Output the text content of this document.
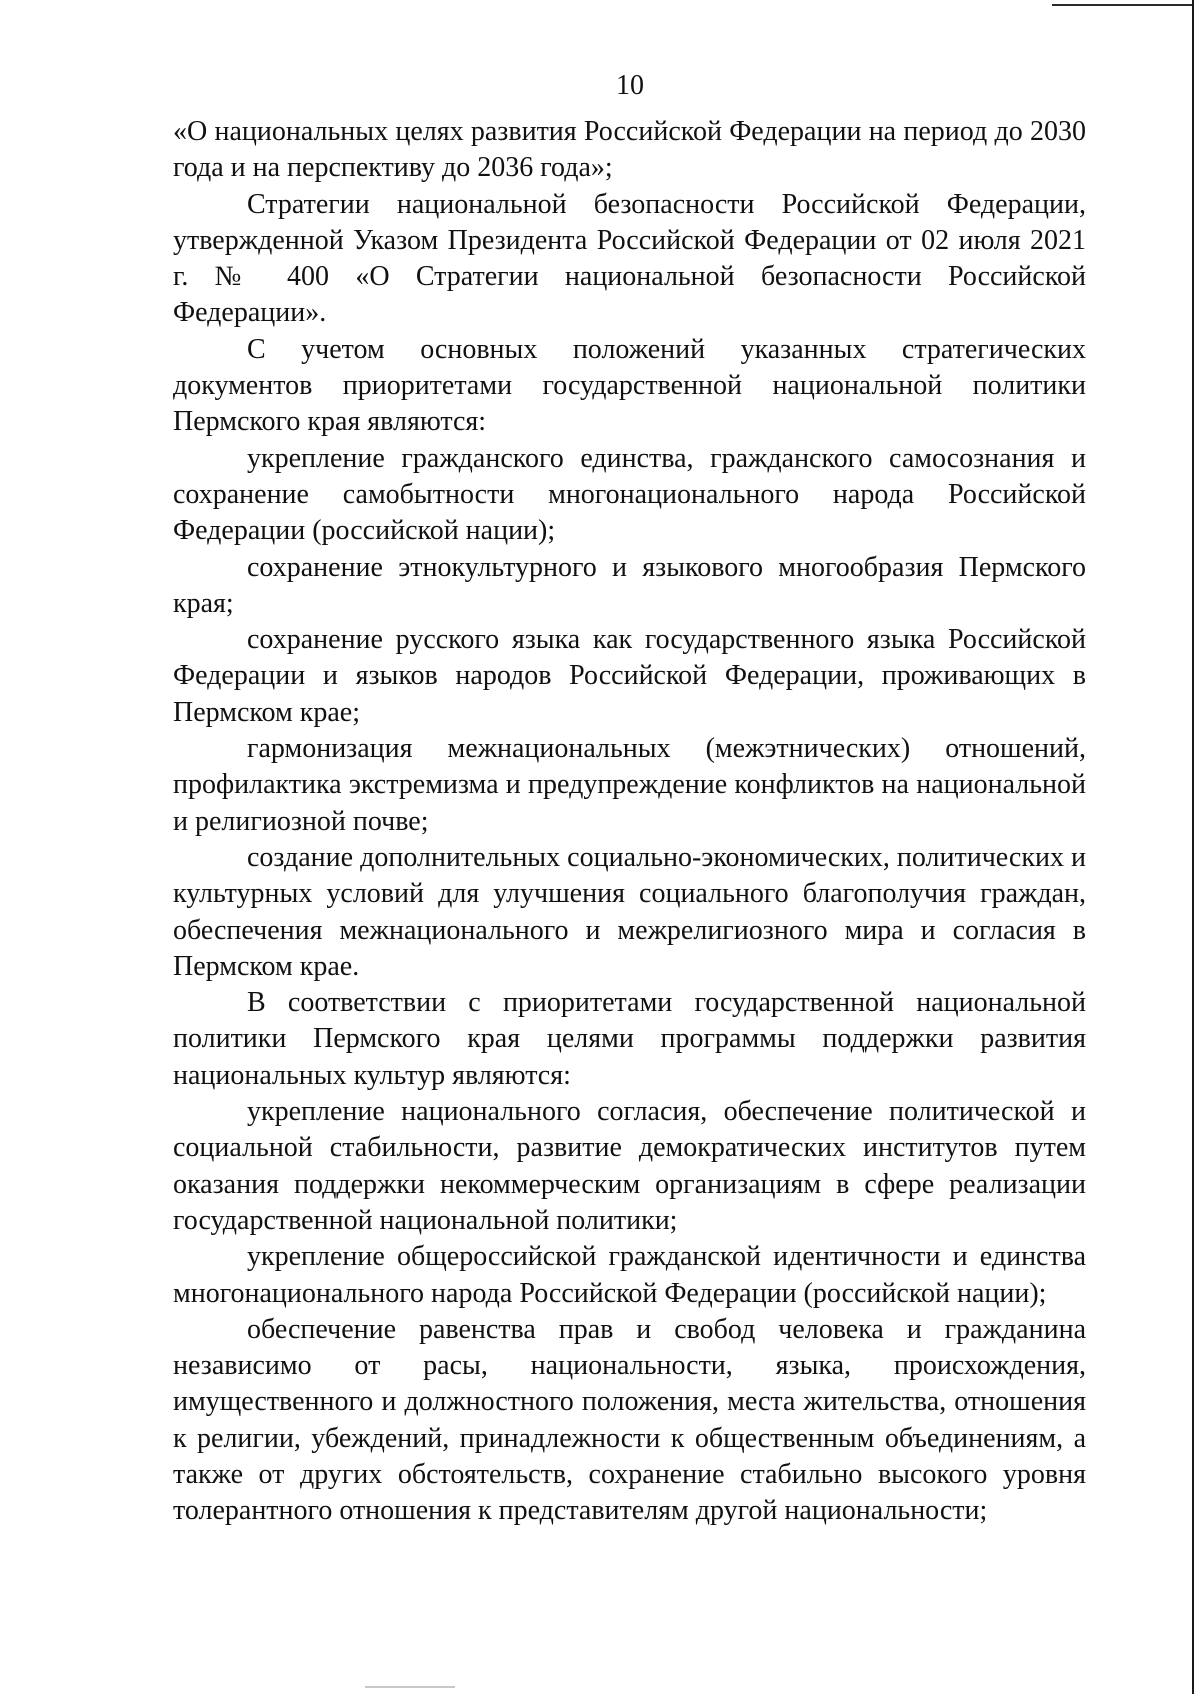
10

«О национальных целях развития Российской Федерации на период до 2030 года и на перспективу до 2036 года»;

Стратегии национальной безопасности Российской Федерации, утвержденной Указом Президента Российской Федерации от 02 июля 2021 г. № 400 «О Стратегии национальной безопасности Российской Федерации».

С учетом основных положений указанных стратегических документов приоритетами государственной национальной политики Пермского края являются:

укрепление гражданского единства, гражданского самосознания и сохранение самобытности многонационального народа Российской Федерации (российской нации);

сохранение этнокультурного и языкового многообразия Пермского края;

сохранение русского языка как государственного языка Российской Федерации и языков народов Российской Федерации, проживающих в Пермском крае;

гармонизация межнациональных (межэтнических) отношений, профилактика экстремизма и предупреждение конфликтов на национальной и религиозной почве;

создание дополнительных социально-экономических, политических и культурных условий для улучшения социального благополучия граждан, обеспечения межнационального и межрелигиозного мира и согласия в Пермском крае.

В соответствии с приоритетами государственной национальной политики Пермского края целями программы поддержки развития национальных культур являются:

укрепление национального согласия, обеспечение политической и социальной стабильности, развитие демократических институтов путем оказания поддержки некоммерческим организациям в сфере реализации государственной национальной политики;

укрепление общероссийской гражданской идентичности и единства многонационального народа Российской Федерации (российской нации);

обеспечение равенства прав и свобод человека и гражданина независимо от расы, национальности, языка, происхождения, имущественного и должностного положения, места жительства, отношения к религии, убеждений, принадлежности к общественным объединениям, а также от других обстоятельств, сохранение стабильно высокого уровня толерантного отношения к представителям другой национальности;
